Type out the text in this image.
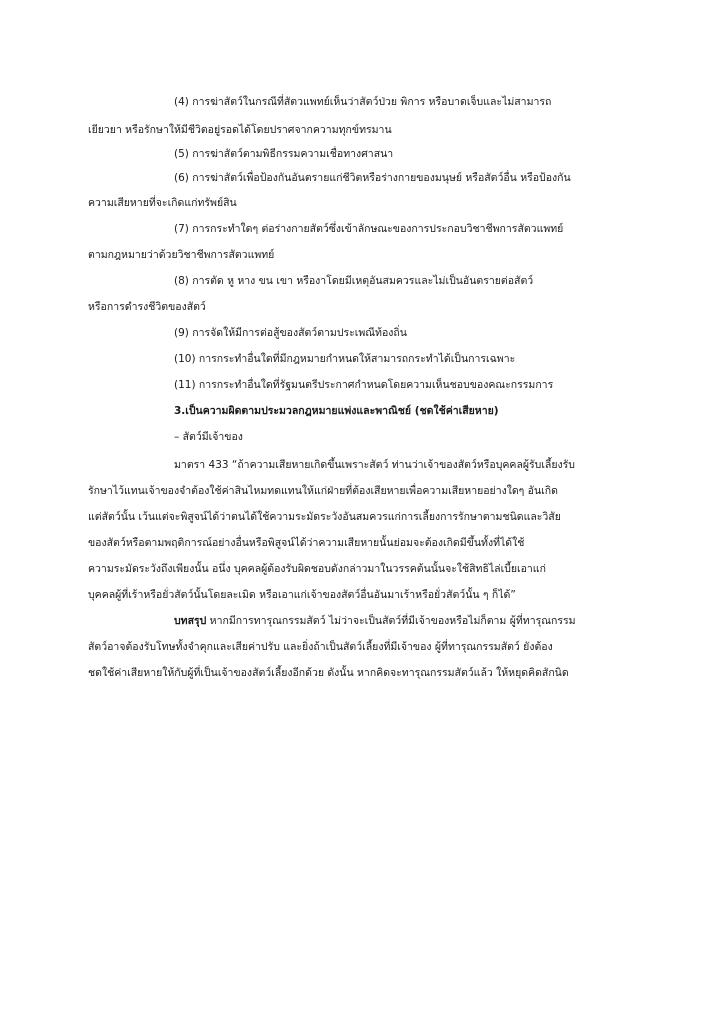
(4) การฆ่าสัตว์ในกรณีที่สัตวแพทย์เห็นว่าสัตว์ป่วย พิการ หรือบาดเจ็บและไม่สามารถ
เยียวยา หรือรักษาให้มีชีวิตอยู่รอดได้โดยปราศจากความทุกข์ทรมาน
(5) การฆ่าสัตว์ตามพิธีกรรมความเชื่อทางศาสนา
(6) การฆ่าสัตว์เพื่อป้องกันอันตรายแก่ชีวิตหรือร่างกายของมนุษย์ หรือสัตว์อื่น หรือป้องกัน
ความเสียหายที่จะเกิดแก่ทรัพย์สิน
(7) การกระทำใดๆ ต่อร่างกายสัตว์ซึ่งเข้าลักษณะของการประกอบวิชาชีพการสัตวแพทย์
ตามกฎหมายว่าด้วยวิชาชีพการสัตวแพทย์
(8) การตัด หู หาง ขน เขา หรืองาโดยมีเหตุอันสมควรและไม่เป็นอันตรายต่อสัตว์
หรือการดำรงชีวิตของสัตว์
(9) การจัดให้มีการต่อสู้ของสัตว์ตามประเพณีท้องถิ่น
(10) การกระทำอื่นใดที่มีกฎหมายกำหนดให้สามารถกระทำได้เป็นการเฉพาะ
(11) การกระทำอื่นใดที่รัฐมนตรีประกาศกำหนดโดยความเห็นชอบของคณะกรรมการ
3.เป็นความผิดตามประมวลกฎหมายแพ่งและพาณิชย์ (ชดใช้ค่าเสียหาย)
– สัตว์มีเจ้าของ
มาตรา 433 “ถ้าความเสียหายเกิดขึ้นเพราะสัตว์ ท่านว่าเจ้าของสัตว์หรือบุคคลผู้รับเลี้ยงรับ
รักษาไว้แทนเจ้าของจำต้องใช้ค่าสินไหมทดแทนให้แก่ฝ่ายที่ต้องเสียหายเพื่อความเสียหายอย่างใดๆ อันเกิด
แต่สัตว์นั้น เว้นแต่จะพิสูจน์ได้ว่าตนได้ใช้ความระมัดระวังอันสมควรแก่การเลี้ยงการรักษาตามชนิดและวิสัย
ของสัตว์หรือตามพฤติการณ์อย่างอื่นหรือพิสูจน์ได้ว่าความเสียหายนั้นย่อมจะต้องเกิดมีขึ้นทั้งที่ได้ใช้
ความระมัดระวังถึงเพียงนั้น อนึ่ง บุคคลผู้ต้องรับผิดชอบดังกล่าวมาในวรรคต้นนั้นจะใช้สิทธิไล่เบี้ยเอาแก่
บุคคลผู้ที่เร้าหรือยั่วสัตว์นั้นโดยละเมิด หรือเอาแก่เจ้าของสัตว์อื่นอันมาเร้าหรือยั่วสัตว์นั้น ๆ ก็ได้”
บทสรุป หากมีการทารุณกรรมสัตว์ ไม่ว่าจะเป็นสัตว์ที่มีเจ้าของหรือไม่ก็ตาม ผู้ที่ทารุณกรรม
สัตว์อาจต้องรับโทษทั้งจำคุกและเสียค่าปรับ และยิ่งถ้าเป็นสัตว์เลี้ยงที่มีเจ้าของ ผู้ที่ทารุณกรรมสัตว์ ยังต้อง
ชดใช้ค่าเสียหายให้กับผู้ที่เป็นเจ้าของสัตว์เลี้ยงอีกด้วย ดังนั้น หากคิดจะทารุณกรรมสัตว์แล้ว ให้หยุดคิดสักนิด
